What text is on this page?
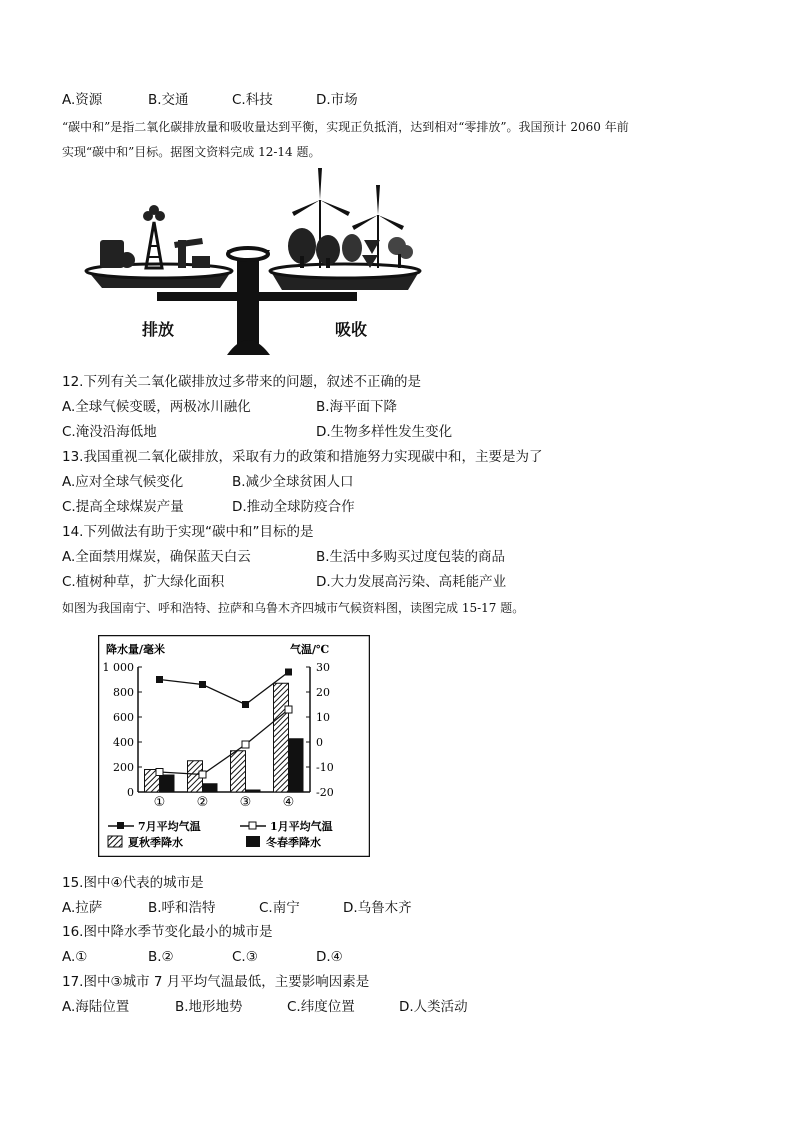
A.资源	B.交通	C.科技	D.市场
“碳中和”是指二氧化碳排放量和吸收量达到平衡，实现正负抵消，达到相对“零排放”。我国预计 2060 年前
实现“碳中和”目标。据图文资料完成 12-14 题。
排放	吸收
12.下列有关二氧化碳排放过多带来的问题，叙述不正确的是
A.全球气候变暖，两极冰川融化	B.海平面下降
C.淹没沿海低地	D.生物多样性发生变化
13.我国重视二氧化碳排放，采取有力的政策和措施努力实现碳中和，主要是为了
A.应对全球气候变化	B.减少全球贫困人口
C.提高全球煤炭产量	D.推动全球防疫合作
14.下列做法有助于实现“碳中和”目标的是
A.全面禁用煤炭，确保蓝天白云	B.生活中多购买过度包装的商品
C.植树种草，扩大绿化面积	D.大力发展高污染、高耗能产业
如图为我国南宁、呼和浩特、拉萨和乌鲁木齐四城市气候资料图，读图完成 15-17 题。
降水量/毫米	气温/℃
1 000
800
600
400
200
0
30
20
10
0
-10
-20
① ② ③ ④
7月平均气温	1月平均气温
夏秋季降水	冬春季降水
15.图中④代表的城市是
A.拉萨	B.呼和浩特	C.南宁	D.乌鲁木齐
16.图中降水季节变化最小的城市是
A.①	B.②	C.③	D.④
17.图中③城市 7 月平均气温最低，主要影响因素是
A.海陆位置	B.地形地势	C.纬度位置	D.人类活动
